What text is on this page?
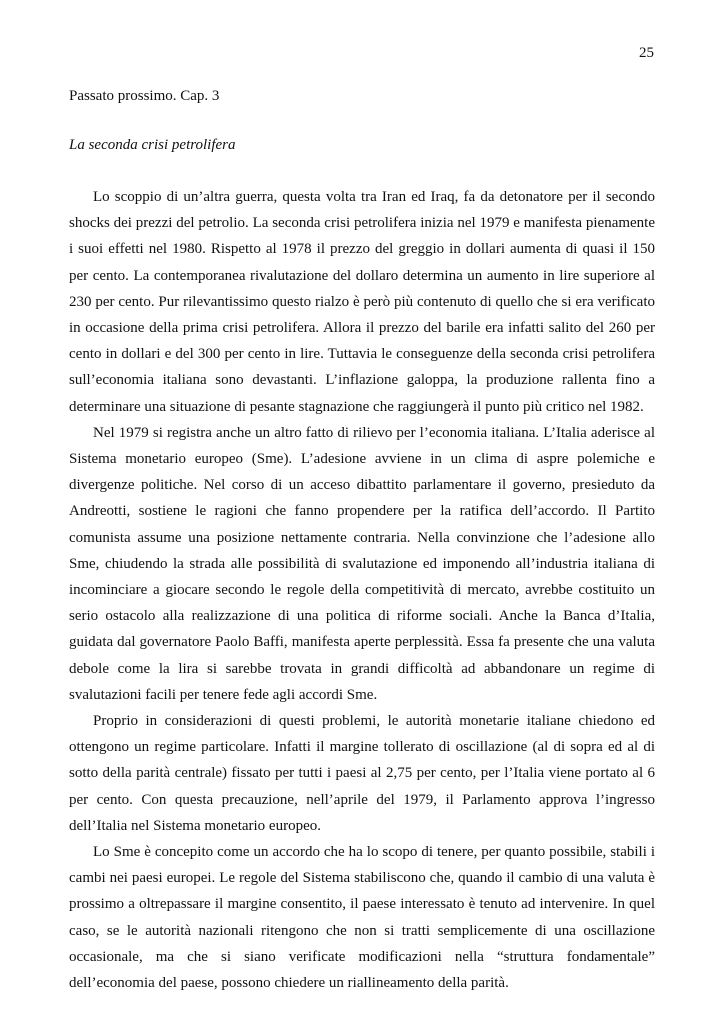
25
Passato prossimo. Cap. 3
La seconda crisi petrolifera

Lo scoppio di un’altra guerra, questa volta tra Iran ed Iraq, fa da detonatore per il secondo shocks dei prezzi del petrolio. La seconda crisi petrolifera inizia nel 1979 e manifesta pienamente i suoi effetti nel 1980. Rispetto al 1978 il prezzo del greggio in dollari aumenta di quasi il 150 per cento. La contemporanea rivalutazione del dollaro determina un aumento in lire superiore al 230 per cento. Pur rilevantissimo questo rialzo è però più contenuto di quello che si era verificato in occasione della prima crisi petrolifera. Allora il prezzo del barile era infatti salito del 260 per cento in dollari e del 300 per cento in lire. Tuttavia le conseguenze della seconda crisi petrolifera sull’economia italiana sono devastanti. L’inflazione galoppa, la produzione rallenta fino a determinare una situazione di pesante stagnazione che raggiungerà il punto più critico nel 1982.

Nel 1979 si registra anche un altro fatto di rilievo per l’economia italiana. L’Italia aderisce al Sistema monetario europeo (Sme). L’adesione avviene in un clima di aspre polemiche e divergenze politiche. Nel corso di un acceso dibattito parlamentare il governo, presieduto da Andreotti, sostiene le ragioni che fanno propendere per la ratifica dell’accordo. Il Partito comunista assume una posizione nettamente contraria. Nella convinzione che l’adesione allo Sme, chiudendo la strada alle possibilità di svalutazione ed imponendo all’industria italiana di incominciare a giocare secondo le regole della competitività di mercato, avrebbe costituito un serio ostacolo alla realizzazione di una politica di riforme sociali. Anche la Banca d’Italia, guidata dal governatore Paolo Baffi, manifesta aperte perplessità. Essa fa presente che una valuta debole come la lira si sarebbe trovata in grandi difficoltà ad abbandonare un regime di svalutazioni facili per tenere fede agli accordi Sme.

Proprio in considerazioni di questi problemi, le autorità monetarie italiane chiedono ed ottengono un regime particolare. Infatti il margine tollerato di oscillazione (al di sopra ed al di sotto della parità centrale) fissato per tutti i paesi al 2,75 per cento, per l’Italia viene portato al 6 per cento. Con questa precauzione, nell’aprile del 1979, il Parlamento approva l’ingresso dell’Italia nel Sistema monetario europeo.

Lo Sme è concepito come un accordo che ha lo scopo di tenere, per quanto possibile, stabili i cambi nei paesi europei. Le regole del Sistema stabiliscono che, quando il cambio di una valuta è prossimo a oltrepassare il margine consentito, il paese interessato è tenuto ad intervenire. In quel caso, se le autorità nazionali ritengono che non si tratti semplicemente di una oscillazione occasionale, ma che si siano verificate modificazioni nella “struttura fondamentale” dell’economia del paese, possono chiedere un riallineamento della parità.
